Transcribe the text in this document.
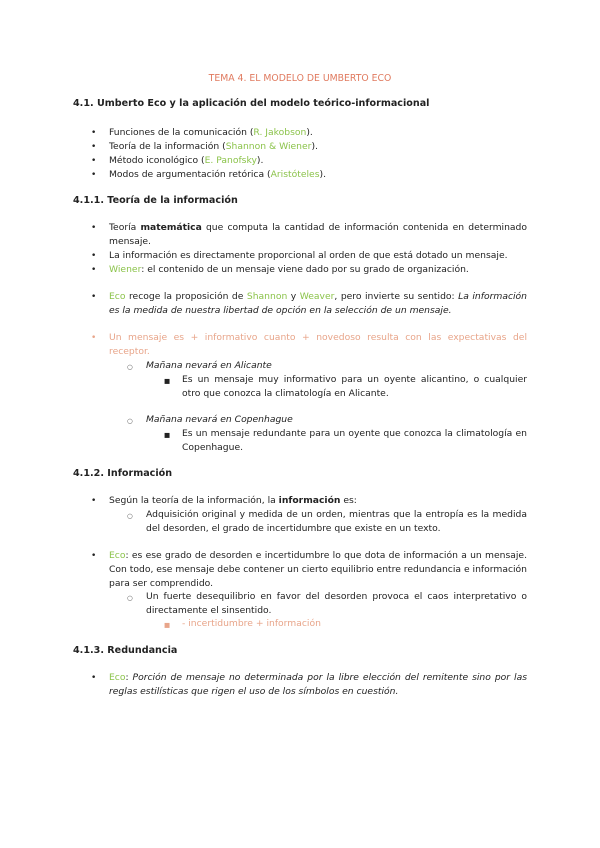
TEMA 4. EL MODELO DE UMBERTO ECO
4.1. Umberto Eco y la aplicación del modelo teórico-informacional
• Funciones de la comunicación (R. Jakobson).
• Teoría de la información (Shannon & Wiener).
• Método iconológico (E. Panofsky).
• Modos de argumentación retórica (Aristóteles).
4.1.1. Teoría de la información
• Teoría matemática que computa la cantidad de información contenida en determinado mensaje.
• La información es directamente proporcional al orden de que está dotado un mensaje.
• Wiener: el contenido de un mensaje viene dado por su grado de organización.
• Eco recoge la proposición de Shannon y Weaver, pero invierte su sentido: La información es la medida de nuestra libertad de opción en la selección de un mensaje.
• Un mensaje es + informativo cuanto + novedoso resulta con las expectativas del receptor.
○ Mañana nevará en Alicante
■ Es un mensaje muy informativo para un oyente alicantino, o cualquier otro que conozca la climatología en Alicante.
○ Mañana nevará en Copenhague
■ Es un mensaje redundante para un oyente que conozca la climatología en Copenhague.
4.1.2. Información
• Según la teoría de la información, la información es:
○ Adquisición original y medida de un orden, mientras que la entropía es la medida del desorden, el grado de incertidumbre que existe en un texto.
• Eco: es ese grado de desorden e incertidumbre lo que dota de información a un mensaje. Con todo, ese mensaje debe contener un cierto equilibrio entre redundancia e información para ser comprendido.
○ Un fuerte desequilibrio en favor del desorden provoca el caos interpretativo o directamente el sinsentido.
■ - incertidumbre + información
4.1.3. Redundancia
• Eco: Porción de mensaje no determinada por la libre elección del remitente sino por las reglas estilísticas que rigen el uso de los símbolos en cuestión.
